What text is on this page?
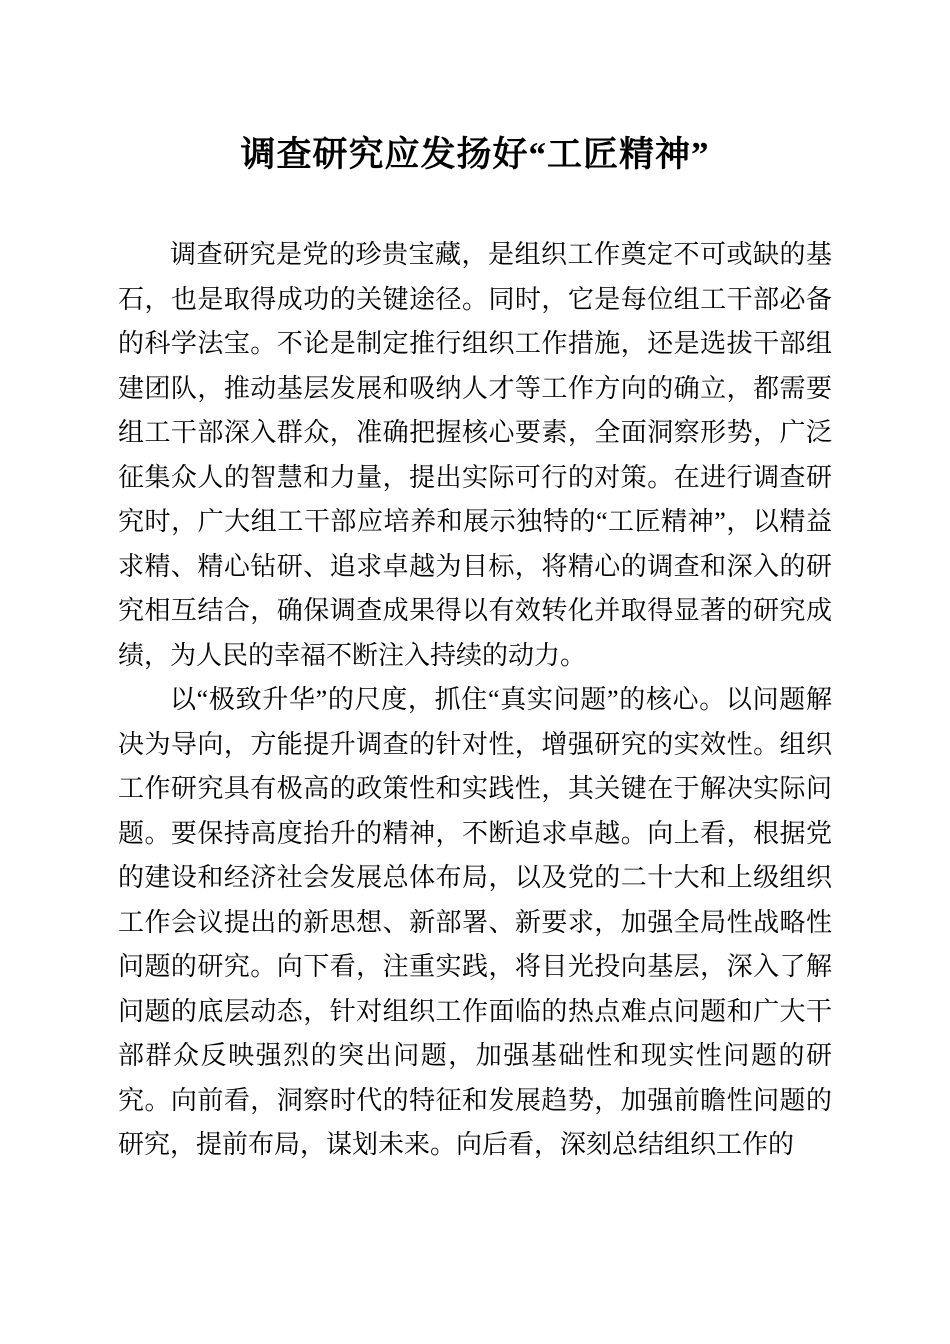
调查研究应发扬好“工匠精神”

调查研究是党的珍贵宝藏，是组织工作奠定不可或缺的基石，也是取得成功的关键途径。同时，它是每位组工干部必备的科学法宝。不论是制定推行组织工作措施，还是选拔干部组建团队，推动基层发展和吸纳人才等工作方向的确立，都需要组工干部深入群众，准确把握核心要素，全面洞察形势，广泛征集众人的智慧和力量，提出实际可行的对策。在进行调查研究时，广大组工干部应培养和展示独特的“工匠精神”，以精益求精、精心钻研、追求卓越为目标，将精心的调查和深入的研究相互结合，确保调查成果得以有效转化并取得显著的研究成绩，为人民的幸福不断注入持续的动力。

以“极致升华”的尺度，抓住“真实问题”的核心。以问题解决为导向，方能提升调查的针对性，增强研究的实效性。组织工作研究具有极高的政策性和实践性，其关键在于解决实际问题。要保持高度抬升的精神，不断追求卓越。向上看，根据党的建设和经济社会发展总体布局，以及党的二十大和上级组织工作会议提出的新思想、新部署、新要求，加强全局性战略性问题的研究。向下看，注重实践，将目光投向基层，深入了解问题的底层动态，针对组织工作面临的热点难点问题和广大干部群众反映强烈的突出问题，加强基础性和现实性问题的研究。向前看，洞察时代的特征和发展趋势，加强前瞻性问题的研究，提前布局，谋划未来。向后看，深刻总结组织工作的
